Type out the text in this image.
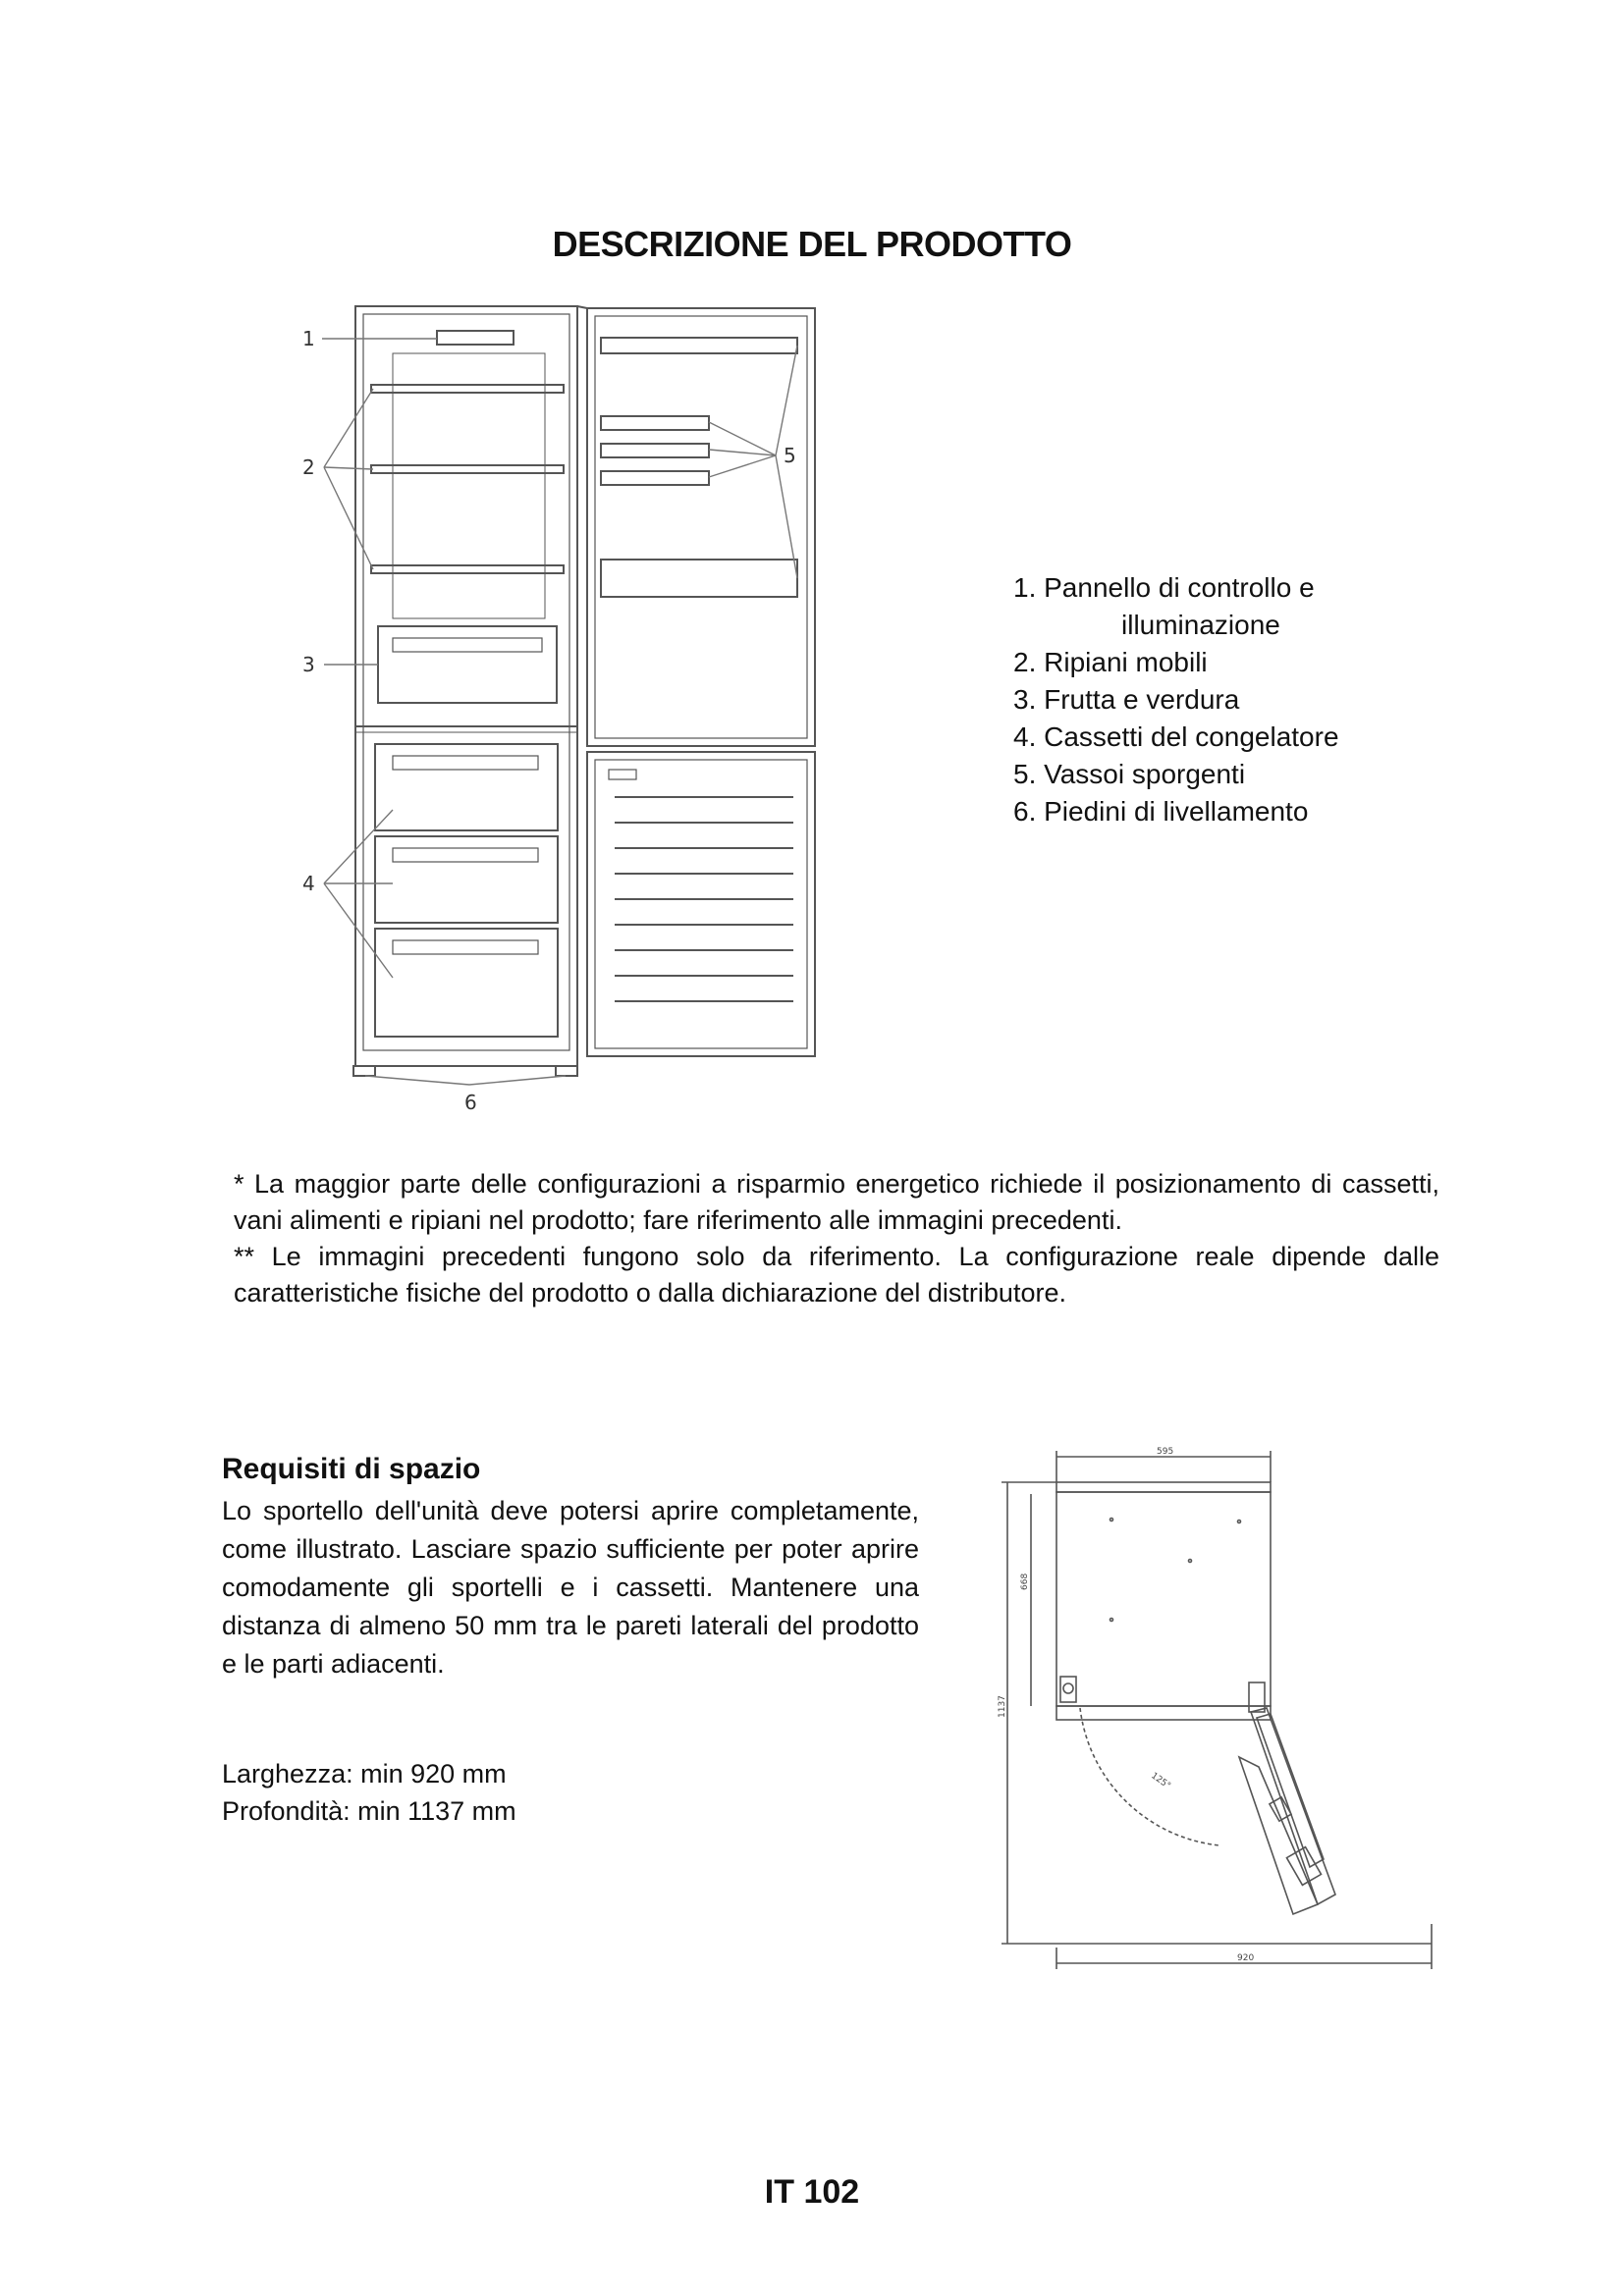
DESCRIZIONE DEL PRODOTTO
1
2
3
4
5
6
1. Pannello di controllo e
illuminazione
2. Ripiani mobili
3. Frutta e verdura
4. Cassetti del congelatore
5. Vassoi sporgenti
6. Piedini di livellamento

* La maggior parte delle configurazioni a risparmio energetico richiede il posizionamento di cassetti, vani alimenti e ripiani nel prodotto; fare riferimento alle immagini precedenti.

** Le immagini precedenti fungono solo da riferimento. La configurazione reale dipende dalle caratteristiche fisiche del prodotto o dalla dichiarazione del distributore.

Requisiti di spazio

Lo sportello dell'unità deve potersi aprire completamente, come illustrato. Lasciare spazio sufficiente per poter aprire comodamente gli sportelli e i cassetti. Mantenere una distanza di almeno 50 mm tra le pareti laterali del prodotto e le parti adiacenti.

Larghezza: min 920 mm
Profondità: min 1137 mm
595
668
1137
125°
920
IT 102
